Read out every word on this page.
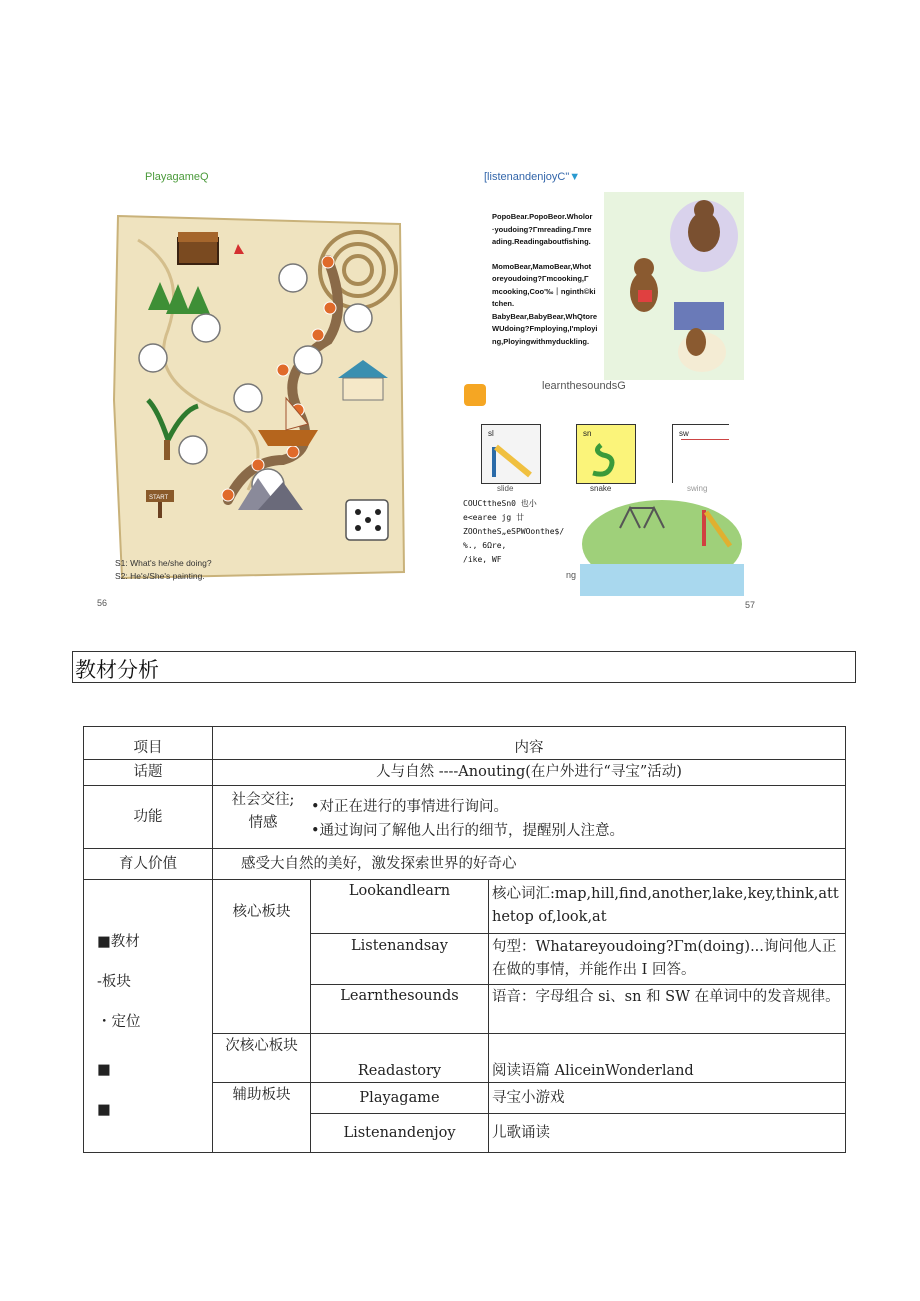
PlayagameQ
START
S1: What's he/she doing?
S2: He's/She's painting.
56
[listenandenjoyC"▼
PopoBear.PopoBeor.Wholor
·youdoing?Γmreading.Γmre
ading.Readingaboutfishing.
MomoBear,MamoBear,Whot
oreyoudoing?Γmcooking,Γ
mcooking,Coo'‰｜nginth©ki
tchen.
BabyBear,BabyBear,WhQtore
WUdoing?Fmploying,I'mployi
ng,Ployingwithmyduckling.
learnthesoundsG
sl	sn	sw
slide	snake	swing
COUCttheSn0 也小
e<earee jg 廿
ZOOntheS„eSPWOonthe$/
%., 6Ωre,
/ike, WF
ng
57
教材分析
项目	内容		
话题	人与自然 ----Anouting(在户外进行“寻宝”活动)		
功能	社会交往;
情感
•对正在进行的事情进行询问。
•通过询问了解他人出行的细节，提醒别人注意。		

育人价值	感受大自然的美好，激发探索世界的好奇心		

■教材
-板块
・定位
■
■	核心板块	Lookandlearn	核心词汇:map,hill,find,another,lake,key,think,atthetop of,look,at

		Listenandsay	句型：Whatareyoudoing?Γm(doing)...询问他人正在做的事情，并能作出 I 回答。
		Learnthesounds	语音：字母组合 si、sn 和 SW 在单词中的发音规律。
	次核心板块	Readastory	阅读语篇 AliceinWonderland
	辅助板块	Playagame	寻宝小游戏
		Listenandenjoy	儿歌诵读
